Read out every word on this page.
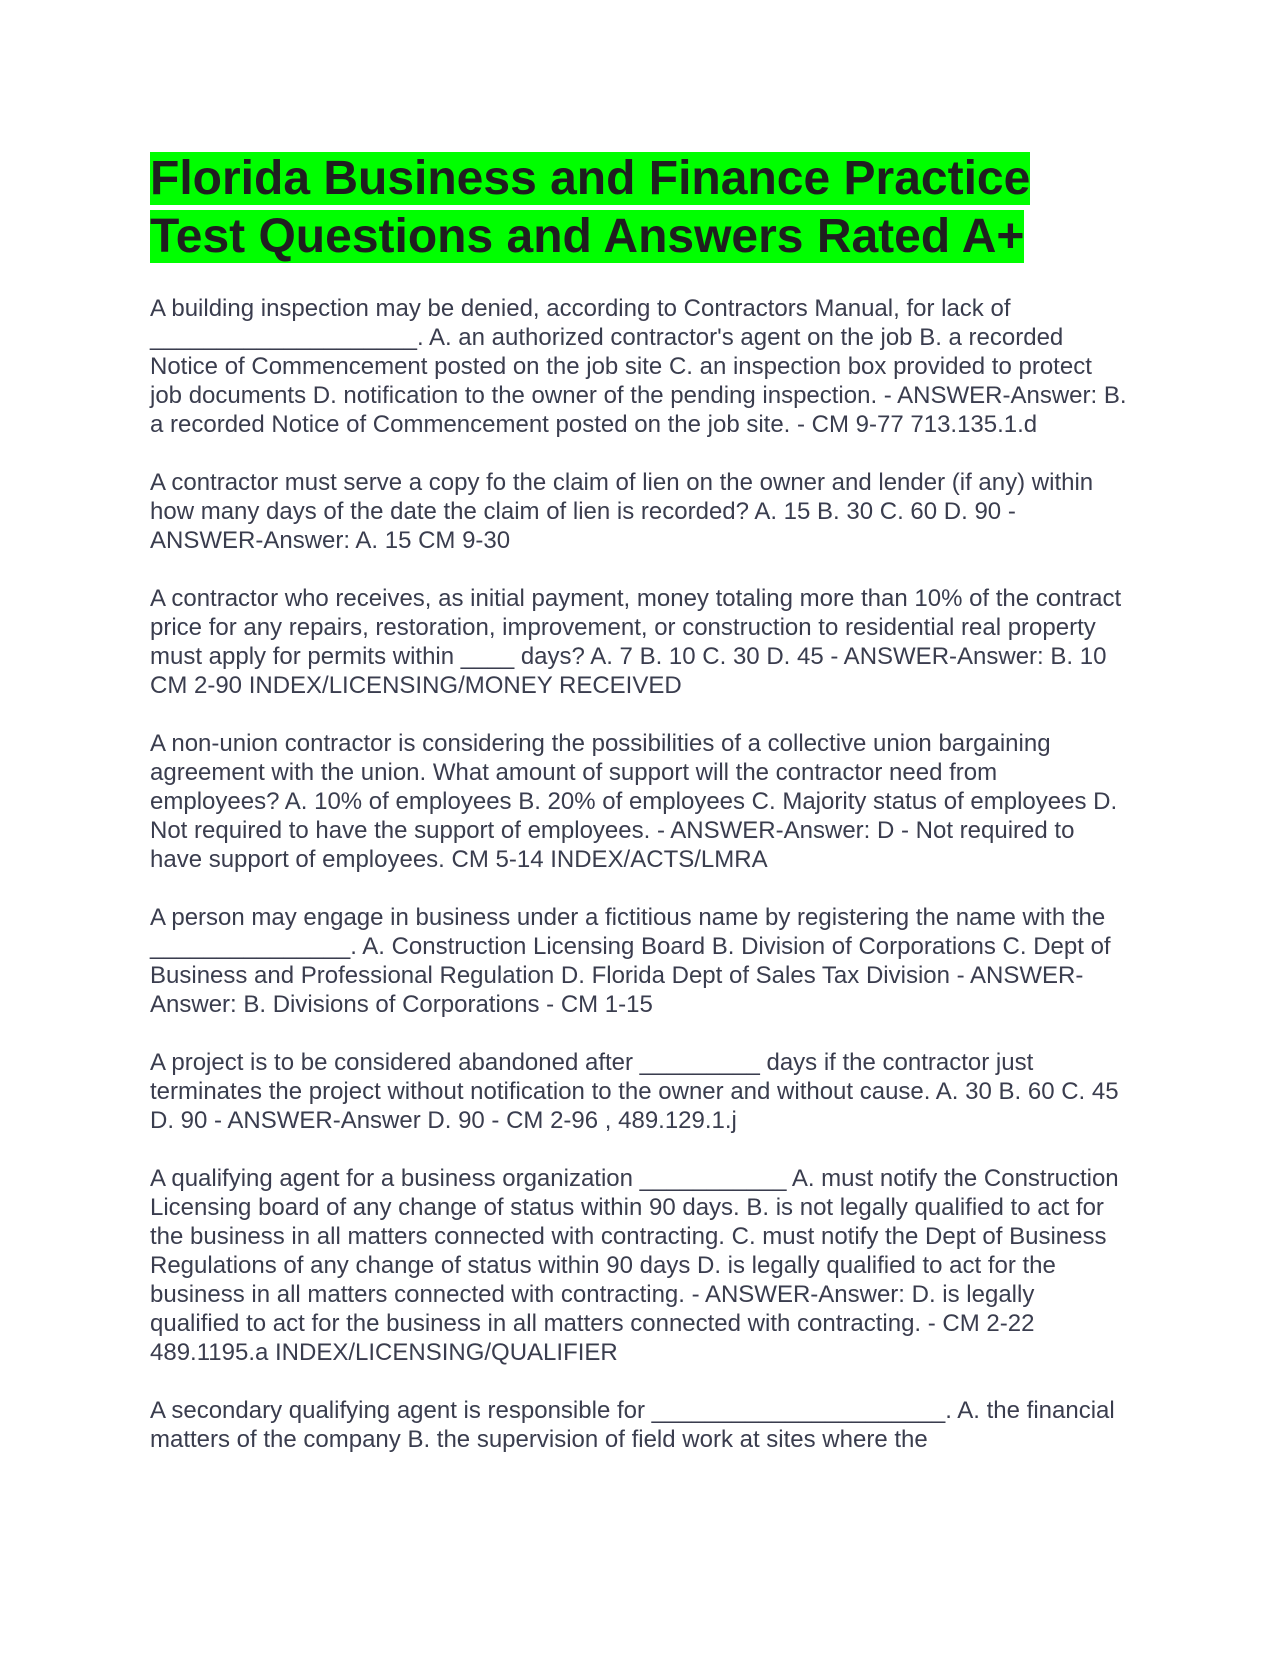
Florida Business and Finance Practice Test Questions and Answers Rated A+

A building inspection may be denied, according to Contractors Manual, for lack of ____________________. A. an authorized contractor's agent on the job B. a recorded Notice of Commencement posted on the job site C. an inspection box provided to protect job documents D. notification to the owner of the pending inspection. - ANSWER-Answer: B. a recorded Notice of Commencement posted on the job site. - CM 9-77 713.135.1.d

A contractor must serve a copy fo the claim of lien on the owner and lender (if any) within how many days of the date the claim of lien is recorded? A. 15 B. 30 C. 60 D. 90 - ANSWER-Answer: A. 15 CM 9-30

A contractor who receives, as initial payment, money totaling more than 10% of the contract price for any repairs, restoration, improvement, or construction to residential real property must apply for permits within ____ days? A. 7 B. 10 C. 30 D. 45 - ANSWER-Answer: B. 10 CM 2-90 INDEX/LICENSING/MONEY RECEIVED

A non-union contractor is considering the possibilities of a collective union bargaining agreement with the union. What amount of support will the contractor need from employees? A. 10% of employees B. 20% of employees C. Majority status of employees D. Not required to have the support of employees. - ANSWER-Answer: D - Not required to have support of employees. CM 5-14 INDEX/ACTS/LMRA

A person may engage in business under a fictitious name by registering the name with the _______________. A. Construction Licensing Board B. Division of Corporations C. Dept of Business and Professional Regulation D. Florida Dept of Sales Tax Division - ANSWER-Answer: B. Divisions of Corporations - CM 1-15

A project is to be considered abandoned after _________ days if the contractor just terminates the project without notification to the owner and without cause. A. 30 B. 60 C. 45 D. 90 - ANSWER-Answer D. 90 - CM 2-96 , 489.129.1.j

A qualifying agent for a business organization ___________ A. must notify the Construction Licensing board of any change of status within 90 days. B. is not legally qualified to act for the business in all matters connected with contracting. C. must notify the Dept of Business Regulations of any change of status within 90 days D. is legally qualified to act for the business in all matters connected with contracting. - ANSWER-Answer: D. is legally qualified to act for the business in all matters connected with contracting. - CM 2-22 489.1195.a INDEX/LICENSING/QUALIFIER

A secondary qualifying agent is responsible for ______________________. A. the financial matters of the company B. the supervision of field work at sites where the
